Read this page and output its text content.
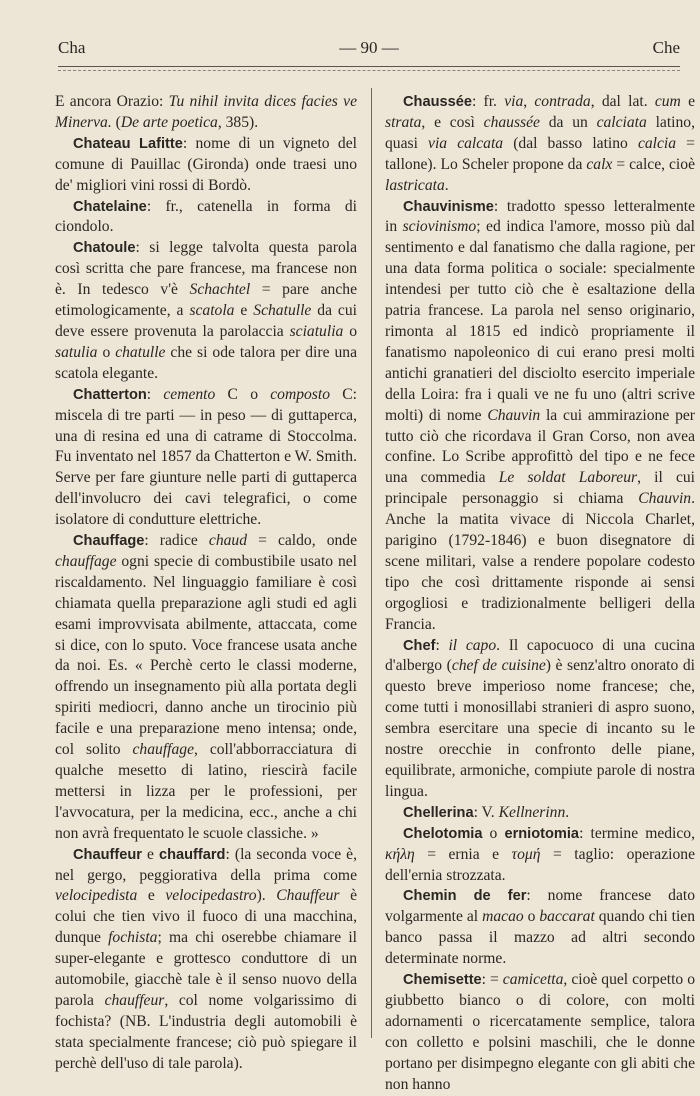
Cha	— 90 —	Che

E ancora Orazio: Tu nihil invita dices facies ve Minerva. (De arte poetica, 385).

Chateau Lafitte: nome di un vigneto del comune di Pauillac (Gironda) onde traesi uno de' migliori vini rossi di Bordò.

Chatelaine: fr., catenella in forma di ciondolo.

Chatoule: si legge talvolta questa parola così scritta che pare francese, ma francese non è. In tedesco v'è Schachtel = pare anche etimologicamente, a scatola e Schatulle da cui deve essere provenuta la parolaccia sciatulia o satulia o chatulle che si ode talora per dire una scatola elegante.

Chatterton: cemento C o composto C: miscela di tre parti — in peso — di guttaperca, una di resina ed una di catrame di Stoccolma. Fu inventato nel 1857 da Chatterton e W. Smith. Serve per fare giunture nelle parti di guttaperca dell'involucro dei cavi telegrafici, o come isolatore di condutture elettriche.

Chauffage: radice chaud = caldo, onde chauffage ogni specie di combustibile usato nel riscaldamento. Nel linguaggio familiare è così chiamata quella preparazione agli studi ed agli esami improvvisata abilmente, attaccata, come si dice, con lo sputo. Voce francese usata anche da noi. Es. « Perchè certo le classi moderne, offrendo un insegnamento più alla portata degli spiriti mediocri, danno anche un tirocinio più facile e una preparazione meno intensa; onde, col solito chauffage, coll'abborracciatura di qualche mesetto di latino, riescirà facile mettersi in lizza per le professioni, per l'avvocatura, per la medicina, ecc., anche a chi non avrà frequentato le scuole classiche. »

Chauffeur e chauffard: (la seconda voce è, nel gergo, peggiorativa della prima come velocipedista e velocipedastro). Chauffeur è colui che tien vivo il fuoco di una macchina, dunque fochista; ma chi oserebbe chiamare il super-elegante e grottesco conduttore di un automobile, giacchè tale è il senso nuovo della parola chauffeur, col nome volgarissimo di fochista? (NB. L'industria degli automobili è stata specialmente francese; ciò può spiegare il perchè dell'uso di tale parola).

Chaussée: fr. via, contrada, dal lat. cum e strata, e così chaussée da un calciata latino, quasi via calcata (dal basso latino calcia = tallone). Lo Scheler propone da calx = calce, cioè lastricata.

Chauvinisme: tradotto spesso letteralmente in sciovinismo; ed indica l'amore, mosso più dal sentimento e dal fanatismo che dalla ragione, per una data forma politica o sociale: specialmente intendesi per tutto ciò che è esaltazione della patria francese. La parola nel senso originario, rimonta al 1815 ed indicò propriamente il fanatismo napoleonico di cui erano presi molti antichi granatieri del disciolto esercito imperiale della Loira: fra i quali ve ne fu uno (altri scrive molti) di nome Chauvin la cui ammirazione per tutto ciò che ricordava il Gran Corso, non avea confine. Lo Scribe approfittò del tipo e ne fece una commedia Le soldat Laboreur, il cui principale personaggio si chiama Chauvin. Anche la matita vivace di Niccola Charlet, parigino (1792-1846) e buon disegnatore di scene militari, valse a rendere popolare codesto tipo che così drittamente risponde ai sensi orgogliosi e tradizionalmente belligeri della Francia.

Chef: il capo. Il capocuoco di una cucina d'albergo (chef de cuisine) è senz'altro onorato di questo breve imperioso nome francese; che, come tutti i monosillabi stranieri di aspro suono, sembra esercitare una specie di incanto su le nostre orecchie in confronto delle piane, equilibrate, armoniche, compiute parole di nostra lingua.

Chellerina: V. Kellnerinn.

Chelotomia o erniotomia: termine medico, κήλη = ernia e τομή = taglio: operazione dell'ernia strozzata.

Chemin de fer: nome francese dato volgarmente al macao o baccarat quando chi tien banco passa il mazzo ad altri secondo determinate norme.

Chemisette: = camicetta, cioè quel corpetto o giubbetto bianco o di colore, con molti adornamenti o ricercatamente semplice, talora con colletto e polsini maschili, che le donne portano per disimpegno elegante con gli abiti che non hanno
